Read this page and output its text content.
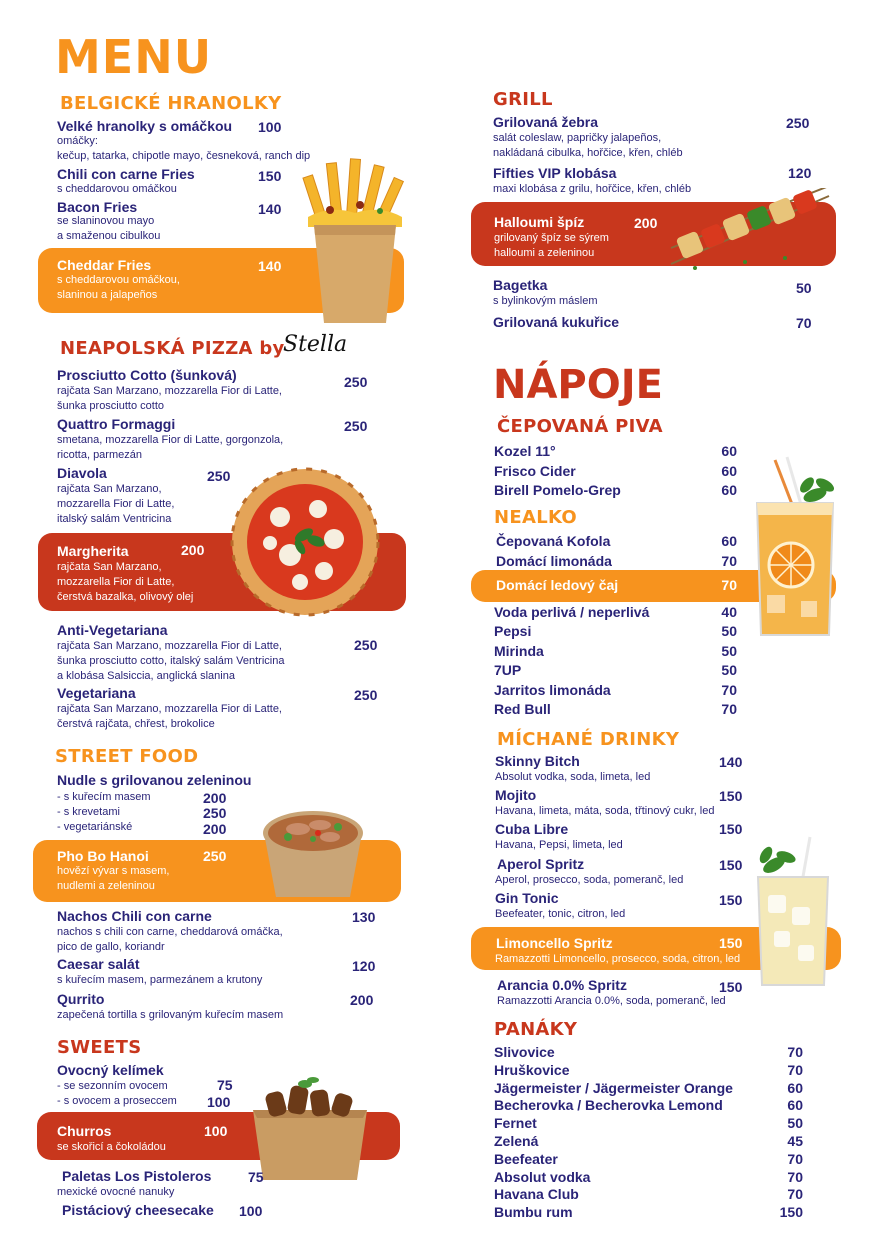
MENU
BELGICKÉ HRANOLKY
Velké hranolky s omáčkou 100
omáčky:
kečup, tatarka, chipotle mayo, česneková, ranch dip
Chili con carne Fries	150
s cheddarovou omáčkou
Bacon Fries	140
se slaninovou mayo
a smaženou cibulkou
Cheddar Fries	140
s cheddarovou omáčkou,
slaninou a jalapeños
NEAPOLSKÁ PIZZA by
Stella
Prosciutto Cotto (šunková)	250
rajčata San Marzano, mozzarella Fior di Latte,
šunka prosciutto cotto
Quattro Formaggi	250
smetana, mozzarella Fior di Latte, gorgonzola,
ricotta, parmezán
Diavola	250
rajčata San Marzano,
mozzarella Fior di Latte,
italský salám Ventricina
Margherita	200
rajčata San Marzano,
mozzarella Fior di Latte,
čerstvá bazalka, olivový olej
Anti-Vegetariana
250
rajčata San Marzano, mozzarella Fior di Latte,
šunka prosciutto cotto, italský salám Ventricina
a klobása Salsiccia, anglická slanina
Vegetariana	250
rajčata San Marzano, mozzarella Fior di Latte,
čerstvá rajčata, chřest, brokolice
STREET FOOD
Nudle s grilovanou zeleninou
- s kuřecím masem	200
- s krevetami	250
- vegetariánské	200
Pho Bo Hanoi	250
hovězí vývar s masem,
nudlemi a zeleninou
Nachos Chili con carne	130
nachos s chili con carne, cheddarová omáčka,
pico de gallo, koriandr
Caesar salát	120
s kuřecím masem, parmezánem a krutony
Qurrito	200
zapečená tortilla s grilovaným kuřecím masem
SWEETS
Ovocný kelímek
- se sezonním ovocem	75
- s ovocem a proseccem 100
Churros	100
se skořicí a čokoládou
Paletas Los Pistoleros	75
mexické ovocné nanuky
Pistáciový cheesecake 100
GRILL
Grilovaná žebra	250
salát coleslaw, papričky jalapeños,
nakládaná cibulka, hořčice, křen, chléb
Fifties VIP klobása	120
maxi klobása z grilu, hořčice, křen, chléb
Halloumi špíz	200
grilovaný špíz se sýrem
halloumi a zeleninou
Bagetka	50
s bylinkovým máslem
Grilovaná kukuřice	70
NÁPOJE
ČEPOVANÁ PIVA
Kozel 11°	60
Frisco Cider	60
Birell Pomelo-Grep	60
NEALKO
Čepovaná Kofola	60
Domácí limonáda	70
Domácí ledový čaj	70
Voda perlivá / neperlivá	40
Pepsi	50
Mirinda	50
7UP	50
Jarritos limonáda	70
Red Bull	70
MÍCHANÉ DRINKY
Skinny Bitch	140
Absolut vodka, soda, limeta, led
Mojito	150
Havana, limeta, máta, soda, třtinový cukr, led
Cuba Libre	150
Havana, Pepsi, limeta, led
Aperol Spritz	150
Aperol, prosecco, soda, pomeranč, led
Gin Tonic	150
Beefeater, tonic, citron, led
Limoncello Spritz	150
Ramazzotti Limoncello, prosecco, soda, citron, led
Arancia 0.0% Spritz	150
Ramazzotti Arancia 0.0%, soda, pomeranč, led
PANÁKY
Slivovice	70
Hruškovice	70
Jägermeister / Jägermeister Orange	60
Becherovka / Becherovka Lemond	60
Fernet	50
Zelená	45
Beefeater	70
Absolut vodka	70
Havana Club	70
Bumbu rum	150
